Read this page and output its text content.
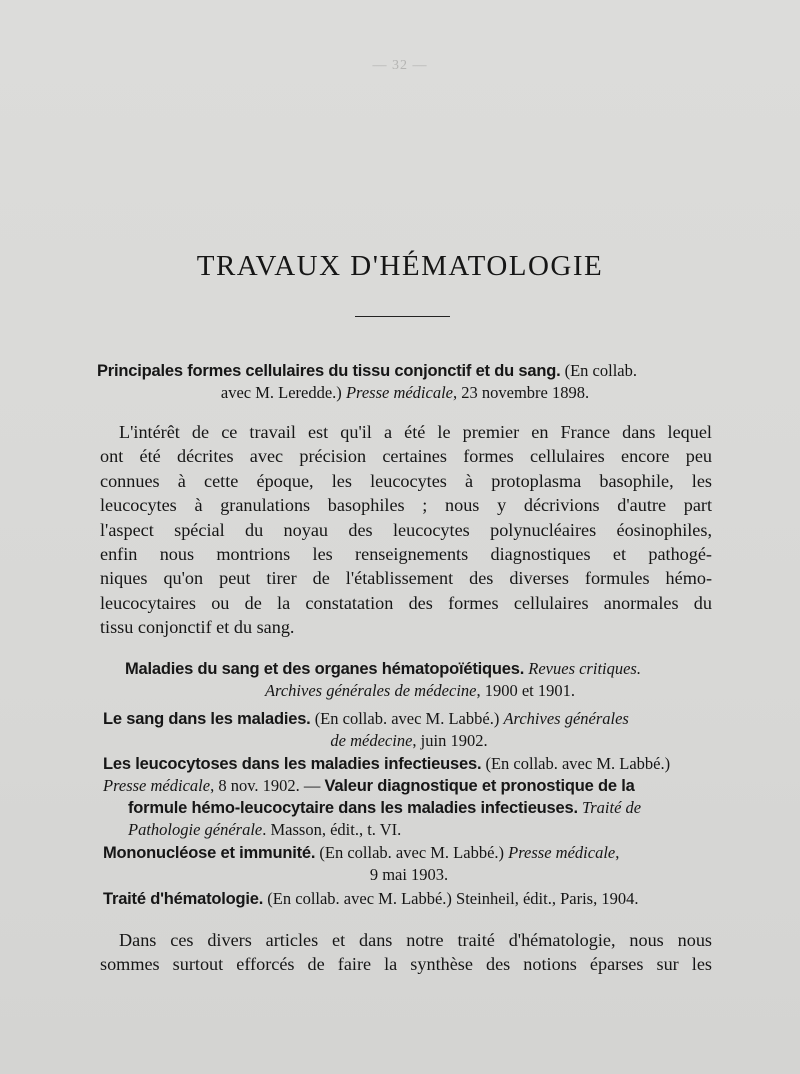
— 32 —
TRAVAUX D'HÉMATOLOGIE
Principales formes cellulaires du tissu conjonctif et du sang. (En collab.
avec M. Leredde.) Presse médicale, 23 novembre 1898.
L'intérêt de ce travail est qu'il a été le premier en France dans lequel
ont été décrites avec précision certaines formes cellulaires encore peu
connues à cette époque, les leucocytes à protoplasma basophile, les
leucocytes à granulations basophiles ; nous y décrivions d'autre part
l'aspect spécial du noyau des leucocytes polynucléaires éosinophiles,
enfin nous montrions les renseignements diagnostiques et pathogé-
niques qu'on peut tirer de l'établissement des diverses formules hémo-
leucocytaires ou de la constatation des formes cellulaires anormales du
tissu conjonctif et du sang.
Maladies du sang et des organes hématopoïétiques. Revues critiques.
Archives générales de médecine, 1900 et 1901.
Le sang dans les maladies. (En collab. avec M. Labbé.) Archives générales
de médecine, juin 1902.
Les leucocytoses dans les maladies infectieuses. (En collab. avec M. Labbé.)
Presse médicale, 8 nov. 1902. — Valeur diagnostique et pronostique de la
formule hémo-leucocytaire dans les maladies infectieuses. Traité de
Pathologie générale. Masson, édit., t. VI.
Mononucléose et immunité. (En collab. avec M. Labbé.) Presse médicale,
9 mai 1903.
Traité d'hématologie. (En collab. avec M. Labbé.) Steinheil, édit., Paris, 1904.
Dans ces divers articles et dans notre traité d'hématologie, nous nous
sommes surtout efforcés de faire la synthèse des notions éparses sur les
